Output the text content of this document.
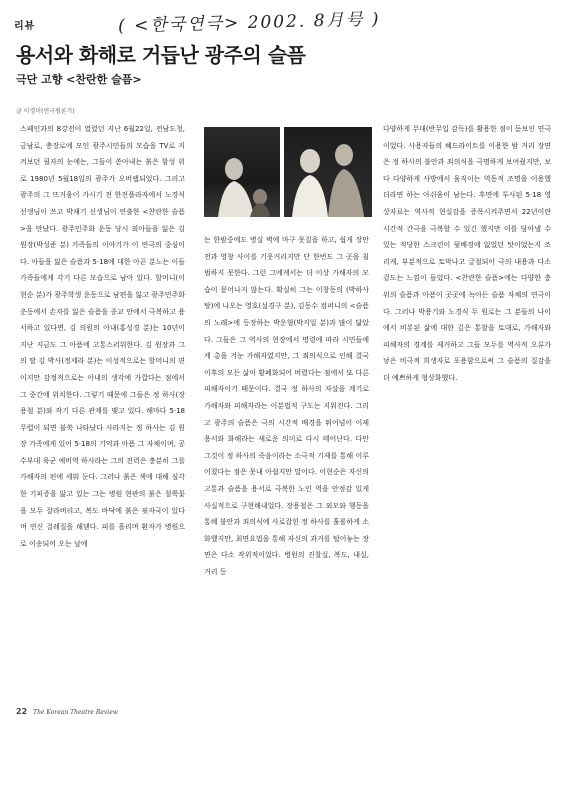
리뷰	( <한국연극> 2002. 8月号 )
용서와 화해로 거듭난 광주의 슬픔
극단 고향 <찬란한 슬픔>
글 이경미(연극평론가)

스페인과의 8강전이 열렸던 지난 6월22일, 전남도청, 금남로, 충장로에 모인 광주시민들의 모습을 TV로 지켜보던 필자의 눈에는, 그들이 쏟아내는 붉은 함성 위로 1980년 5월18일의 광주가 오버랩되었다. 그리고 광주의 그 뜨거움이 가시기 전 한전플라자에서 노경식 선생님이 쓰고 박재기 선생님이 연출한 <찬란한 슬픔>을 만났다. 광주민주화 운동 당시 외아들을 잃은 김 원장(박성준 분) 가족들의 이야기가 이 연극의 중심이다. 아들을 잃은 슬픔과 5·18에 대한 아픈 분노는 이들 가족들에게 각기 다른 모습으로 남아 있다. 할머니(이현순 분)가 광주학생 운동으로 남편을 잃고 광주민주화 운동에서 손자를 잃은 슬픔을 종교 안에서 극복하고 용서하고 있다면, 김 의원의 아내(홍성경 분)는 10년이 지난 지금도 그 아픔에 고통스러워한다. 김 원장과 그의 딸 김 박사(정세라 분)는 이성적으로는 할머니의 편이지만 감정적으로는 아내의 생각에 가깝다는 점에서 그 중간에 위치한다. 그렇기 때문에 그들은 정 하사(장용철 분)와 작기 다른 관계를 맺고 있다. 해마다 5·18 무렵이 되면 불쑥 나타났다 사라지는 정 하사는 김 원장 가족에게 있어 5·18의 기억과 아픔 그 자체이며, 공수부대 육군 예비역 하사라는 그의 전력은 충분히 그를 가해자의 편에 세워 둔다. 그러나 붉은 색에 대해 심각한 기피증을 앓고 있는 그는 병원 현관의 붉은 철쭉꽃을 모두 잘라버리고, 복도 바닥에 붉은 핏자국이 있다며 연신 걸레질을 해댄다. 피를 흘리며 환자가 병원으로 이송되어 오는 날에

는 한밤중에도 병실 벽에 마구 못질을 하고, 쉽게 장만 전과 영창 사이를 기웃거리지만 단 한번도 그 곳을 침범하지 못한다. 그런 그에게서는 더 이상 가해자의 모습이 묻어나지 않는다. 확실히 그는 이창동의 (박하사탕)에 나오는 영호(설경구 분), 김동수 컴퍼니의 <슬픔의 노래>에 등장하는 박운형(박지일 분)과 많이 닮았다. 그들은 그 역사의 현장에서 명령에 따라 시민들에게 총을 겨눈 가해자였지만, 그 죄의식으로 인해 결국 이후의 모든 삶이 황폐화되어 버렸다는 점에서 또 다른 피해자이기 때문이다. 결국 정 하사의 자살을 계기로 가해자와 피해자라는 이분법적 구도는 지워진다. 그리고 광주의 슬픔은 극의 시간적 배경을 뛰어넘어 이제 용서와 화해라는 새로운 의미로 다시 태어난다. 다만 그것이 정 하사의 죽음이라는 소극적 기제를 통해 이루어졌다는 점은 못내 아쉽지만 말이다. 이현순은 자신의 고통과 슬픔을 용서로 극복한 노인 역을 안정감 있게 사실적으로 구현해내었다. 장용철은 그 외모와 행동을 통해 불안과 죄의식에 사로잡힌 정 하사를 훌륭하게 소화했지만, 최면요법을 통해 자신의 과거를 털어놓는 장면은 다소 작위적이었다. 병원의 진찰실, 복도, 내실, 거리 등

다양하게 무대(반무입 감독)를 활용한 점이 돋보인 연극이었다. 사용자들의 혜드라이트를 이용한 밤 거리 장면은 정 하사의 불안과 죄의식을 극명하게 보여줬지만, 보다 다양하게 사방에서 움직이는 역동적 조명을 이용했더라면 하는 아쉬움이 남는다. 후면에 투사된 5·18 영상자료는 역사적 현실감을 증폭시켜주면서 22년이란 시간적 간극을 극복할 수 있긴 했지만 이를 담아낼 수 있는 적당한 스크린이 뒷배경에 없었던 탓이었는지 조리게, 부분적으로 토막나고 글절되어 극의 내용과 다소 겉도는 느낌이 들었다. <찬란한 슬픔>에는 다양한 층위의 슬픔과 아픔이 곳곳에 녹아든 슬픔 자체의 연극이다. 그러나 박용기와 노경식 두 원로는 그 분들의 나이에서 비롯된 삶에 대한 깊은 통찰을 토대로, 가해자와 피해자의 경계를 제거하고 그들 모두를 역사적 오류가 낳은 비극적 희생자로 포용함으로써 그 슬픔의 질감을 더 예쁘하게 형상화했다.

22 The Korean Theatre Review
